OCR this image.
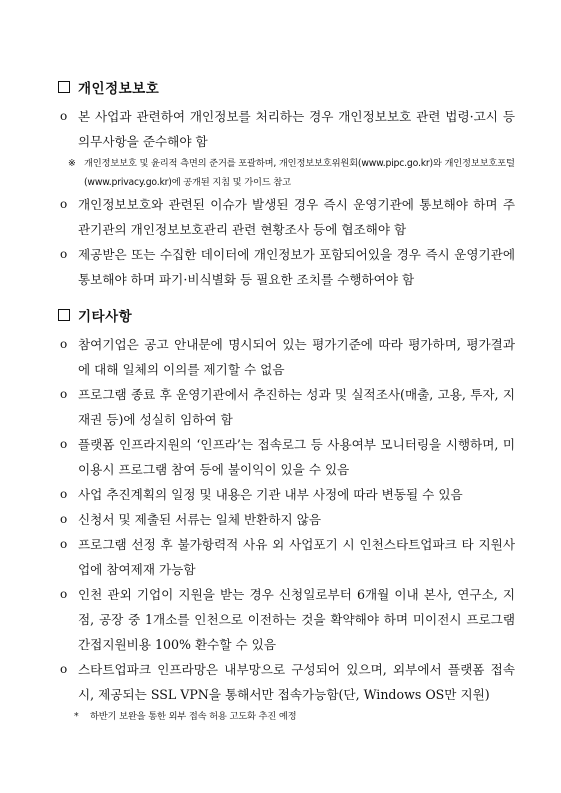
개인정보보호
o 본 사업과 관련하여 개인정보를 처리하는 경우 개인정보보호 관련 법령·고시 등 의무사항을 준수해야 함
※ 개인정보보호 및 윤리적 측면의 준거를 포괄하며, 개인정보보호위원회(www.pipc.go.kr)와 개인정보보호포털(www.privacy.go.kr)에 공개된 지침 및 가이드 참고
o 개인정보보호와 관련된 이슈가 발생된 경우 즉시 운영기관에 통보해야 하며 주관기관의 개인정보보호관리 관련 현황조사 등에 협조해야 함
o 제공받은 또는 수집한 데이터에 개인정보가 포함되어있을 경우 즉시 운영기관에 통보해야 하며 파기·비식별화 등 필요한 조치를 수행하여야 함
기타사항
o 참여기업은 공고 안내문에 명시되어 있는 평가기준에 따라 평가하며, 평가결과에 대해 일체의 이의를 제기할 수 없음
o 프로그램 종료 후 운영기관에서 추진하는 성과 및 실적조사(매출, 고용, 투자, 지재권 등)에 성실히 임하여 함
o 플랫폼 인프라지원의 ‘인프라’는 접속로그 등 사용여부 모니터링을 시행하며, 미 이용시 프로그램 참여 등에 불이익이 있을 수 있음
o 사업 추진계획의 일정 및 내용은 기관 내부 사정에 따라 변동될 수 있음
o 신청서 및 제출된 서류는 일체 반환하지 않음
o 프로그램 선정 후 불가항력적 사유 외 사업포기 시 인천스타트업파크 타 지원사업에 참여제재 가능함
o 인천 관외 기업이 지원을 받는 경우 신청일로부터 6개월 이내 본사, 연구소, 지점, 공장 중 1개소를 인천으로 이전하는 것을 확약해야 하며 미이전시 프로그램 간접지원비용 100% 환수할 수 있음
o 스타트업파크 인프라망은 내부망으로 구성되어 있으며, 외부에서 플랫폼 접속 시, 제공되는 SSL VPN을 통해서만 접속가능함(단, Windows OS만 지원)
*	하반기 보완을 통한 외부 접속 허용 고도화 추진 예정
